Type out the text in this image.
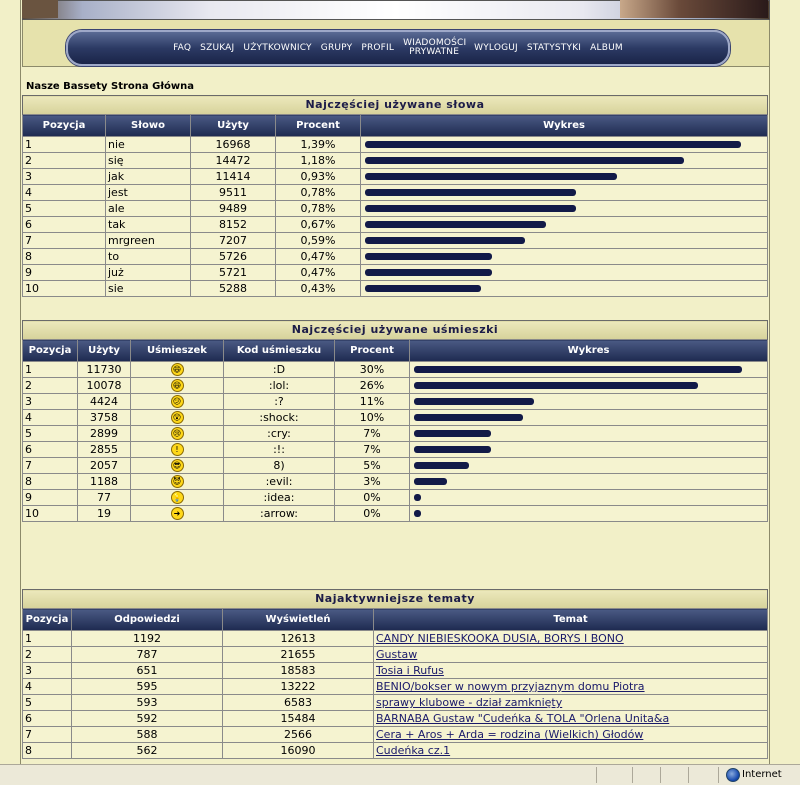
FAQ SZUKAJ UŻYTKOWNICY GRUPY PROFIL WIADOMOŚCI PRYWATNE	WYLOGUJ STATYSTYKI ALBUM
Nasze Bassety Strona Główna
Najczęściej używane słowa				
Pozycja	Słowo	Użyty	Procent	Wykres
1	nie	16968	1,39%	

2	się	14472	1,18%	

3	jak	11414	0,93%	

4	jest	9511	0,78%	

5	ale	9489	0,78%	

6	tak	8152	0,67%	

7	mrgreen	7207	0,59%	

8	to	5726	0,47%	

9	już	5721	0,47%	

10	sie	5288	0,43%	
Najczęściej używane uśmieszki					
Pozycja	Użyty	Uśmieszek	Kod uśmieszku	Procent	Wykres
1	11730	😄	:D	30%	

2	10078	😆	:lol:	26%	

3	4424	😕	:?	11%	

4	3758	😲	:shock:	10%	

5	2899	😢	:cry:	7%	

6	2855	!	:!:	7%	

7	2057	😎	8)	5%	

8	1188	😈	:evil:	3%	

9	77	💡	:idea:	0%	

10	19	➜	:arrow:	0%	
Najaktywniejsze tematy			
Pozycja	Odpowiedzi	Wyświetleń	Temat
1	1192	12613	CANDY NIEBIESKOOKA DUSIA, BORYS I BONO
2	787	21655	Gustaw
3	651	18583	Tosia i Rufus
4	595	13222	BENIO/bokser w nowym przyjaznym domu Piotra
5	593	6583	sprawy klubowe - dział zamknięty
6	592	15484	BARNABA Gustaw "Cudeńka & TOLA "Orlena Unita&a
7	588	2566	Cera + Aros + Arda = rodzina (Wielkich) Głodów
8	562	16090	Cudeńka cz.1
Internet
